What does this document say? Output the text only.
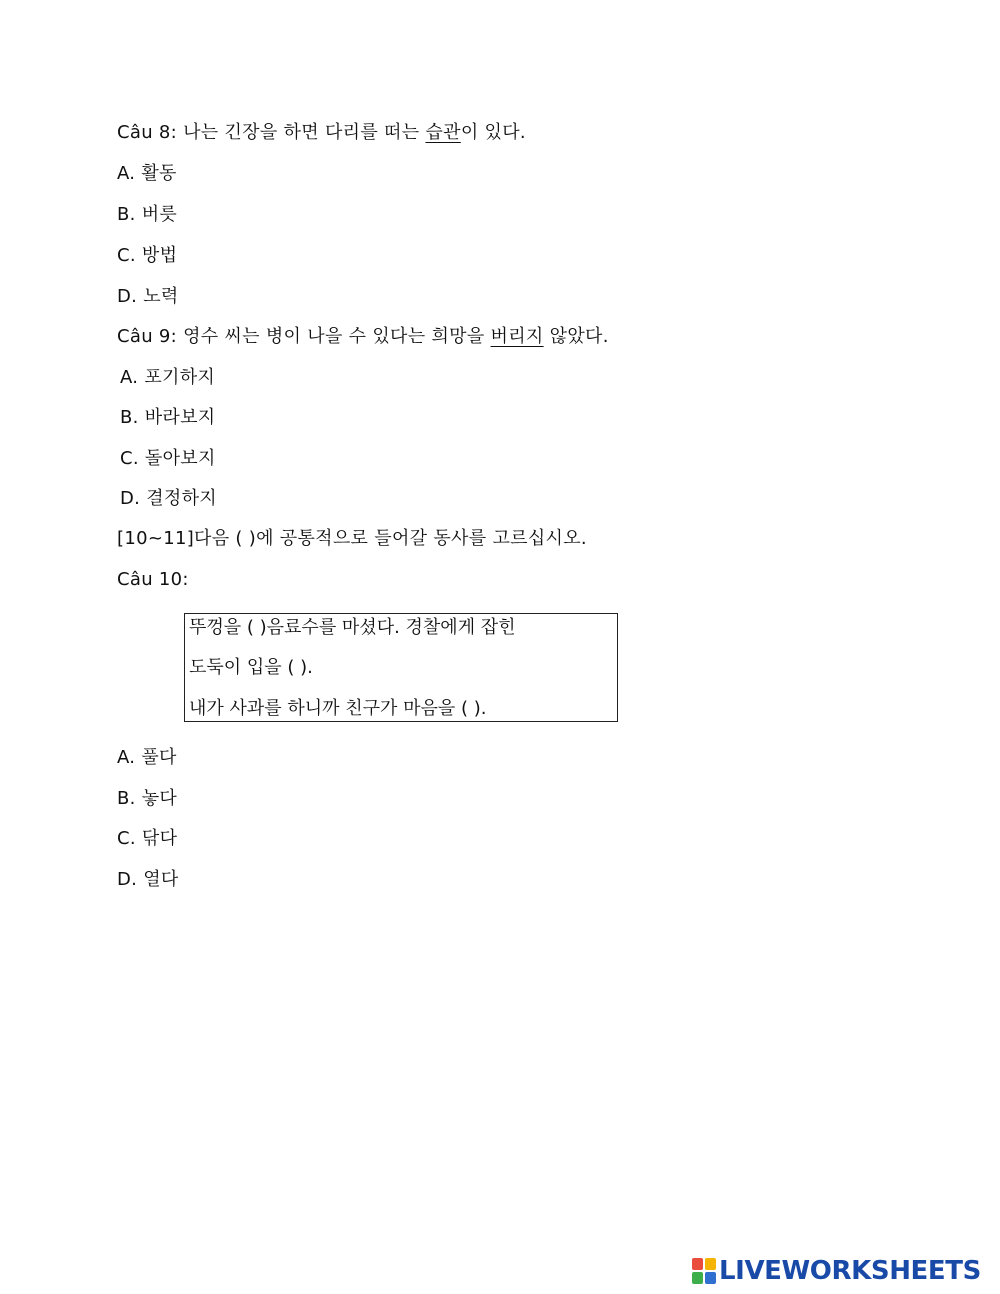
Câu 8: 나는 긴장을 하면 다리를 떠는 습관이 있다.
A. 활동
B. 버릇
C. 방법
D. 노력
Câu 9: 영수 씨는 병이 나을 수 있다는 희망을 버리지 않았다.
A. 포기하지
B. 바라보지
C. 돌아보지
D. 결정하지
[10~11]다음 ( )에 공통적으로 들어갈 동사를 고르십시오.
Câu 10:
뚜껑을 ( )음료수를 마셨다. 경찰에게 잡힌
도둑이 입을 ( ).
내가 사과를 하니까 친구가 마음을 ( ).
A. 풀다
B. 놓다
C. 닦다
D. 열다
LIVEWORKSHEETS
